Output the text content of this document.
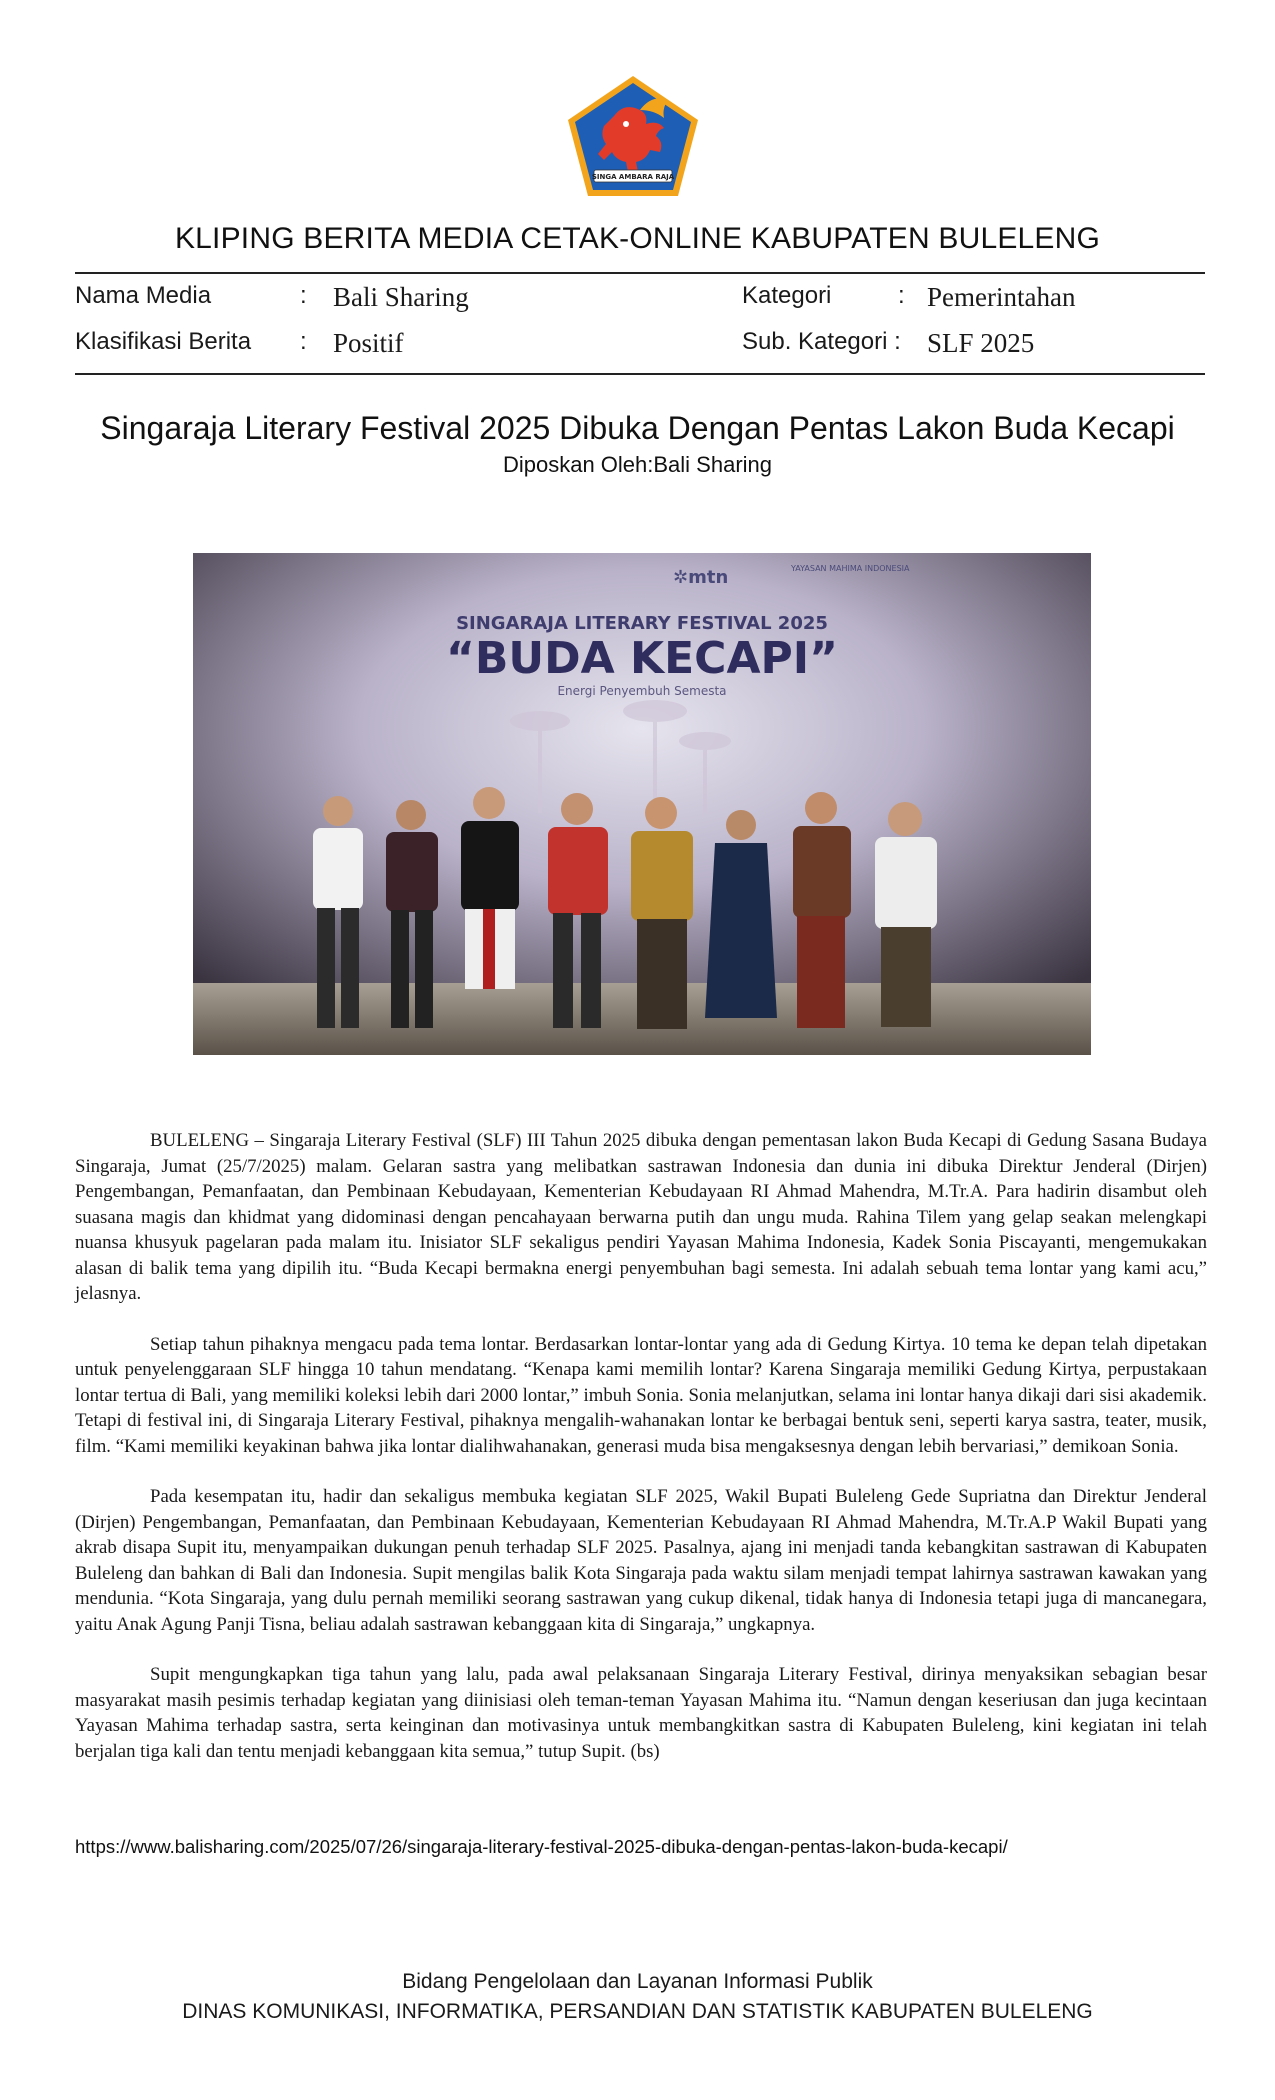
SINGA AMBARA RAJA
KLIPING BERITA MEDIA CETAK-ONLINE KABUPATEN BULELENG
Nama Media	: Bali Sharing	Kategori	: Pemerintahan
Klasifikasi Berita : Positif	Sub. Kategori : SLF 2025
Singaraja Literary Festival 2025 Dibuka Dengan Pentas Lakon Buda Kecapi
Diposkan Oleh:Bali Sharing
✲mtn	YAYASAN MAHIMA INDONESIA
SINGARAJA LITERARY FESTIVAL 2025
“BUDA KECAPI”
Energi Penyembuh Semesta

BULELENG – Singaraja Literary Festival (SLF) III Tahun 2025 dibuka dengan pementasan lakon Buda Kecapi di Gedung Sasana Budaya Singaraja, Jumat (25/7/2025) malam. Gelaran sastra yang melibatkan sastrawan Indonesia dan dunia ini dibuka Direktur Jenderal (Dirjen) Pengembangan, Pemanfaatan, dan Pembinaan Kebudayaan, Kementerian Kebudayaan RI Ahmad Mahendra, M.Tr.A. Para hadirin disambut oleh suasana magis dan khidmat yang didominasi dengan pencahayaan berwarna putih dan ungu muda. Rahina Tilem yang gelap seakan melengkapi nuansa khusyuk pagelaran pada malam itu. Inisiator SLF sekaligus pendiri Yayasan Mahima Indonesia, Kadek Sonia Piscayanti, mengemukakan alasan di balik tema yang dipilih itu. “Buda Kecapi bermakna energi penyembuhan bagi semesta. Ini adalah sebuah tema lontar yang kami acu,” jelasnya.

Setiap tahun pihaknya mengacu pada tema lontar. Berdasarkan lontar-lontar yang ada di Gedung Kirtya. 10 tema ke depan telah dipetakan untuk penyelenggaraan SLF hingga 10 tahun mendatang. “Kenapa kami memilih lontar? Karena Singaraja memiliki Gedung Kirtya, perpustakaan lontar tertua di Bali, yang memiliki koleksi lebih dari 2000 lontar,” imbuh Sonia. Sonia melanjutkan, selama ini lontar hanya dikaji dari sisi akademik. Tetapi di festival ini, di Singaraja Literary Festival, pihaknya mengalih-wahanakan lontar ke berbagai bentuk seni, seperti karya sastra, teater, musik, film. “Kami memiliki keyakinan bahwa jika lontar dialihwahanakan, generasi muda bisa mengaksesnya dengan lebih bervariasi,” demikoan Sonia.

Pada kesempatan itu, hadir dan sekaligus membuka kegiatan SLF 2025, Wakil Bupati Buleleng Gede Supriatna dan Direktur Jenderal (Dirjen) Pengembangan, Pemanfaatan, dan Pembinaan Kebudayaan, Kementerian Kebudayaan RI Ahmad Mahendra, M.Tr.A.P Wakil Bupati yang akrab disapa Supit itu, menyampaikan dukungan penuh terhadap SLF 2025. Pasalnya, ajang ini menjadi tanda kebangkitan sastrawan di Kabupaten Buleleng dan bahkan di Bali dan Indonesia. Supit mengilas balik Kota Singaraja pada waktu silam menjadi tempat lahirnya sastrawan kawakan yang mendunia. “Kota Singaraja, yang dulu pernah memiliki seorang sastrawan yang cukup dikenal, tidak hanya di Indonesia tetapi juga di mancanegara, yaitu Anak Agung Panji Tisna, beliau adalah sastrawan kebanggaan kita di Singaraja,” ungkapnya.

Supit mengungkapkan tiga tahun yang lalu, pada awal pelaksanaan Singaraja Literary Festival, dirinya menyaksikan sebagian besar masyarakat masih pesimis terhadap kegiatan yang diinisiasi oleh teman-teman Yayasan Mahima itu. “Namun dengan keseriusan dan juga kecintaan Yayasan Mahima terhadap sastra, serta keinginan dan motivasinya untuk membangkitkan sastra di Kabupaten Buleleng, kini kegiatan ini telah berjalan tiga kali dan tentu menjadi kebanggaan kita semua,” tutup Supit. (bs)

https://www.balisharing.com/2025/07/26/singaraja-literary-festival-2025-dibuka-dengan-pentas-lakon-buda-kecapi/
Bidang Pengelolaan dan Layanan Informasi Publik
DINAS KOMUNIKASI, INFORMATIKA, PERSANDIAN DAN STATISTIK KABUPATEN BULELENG
